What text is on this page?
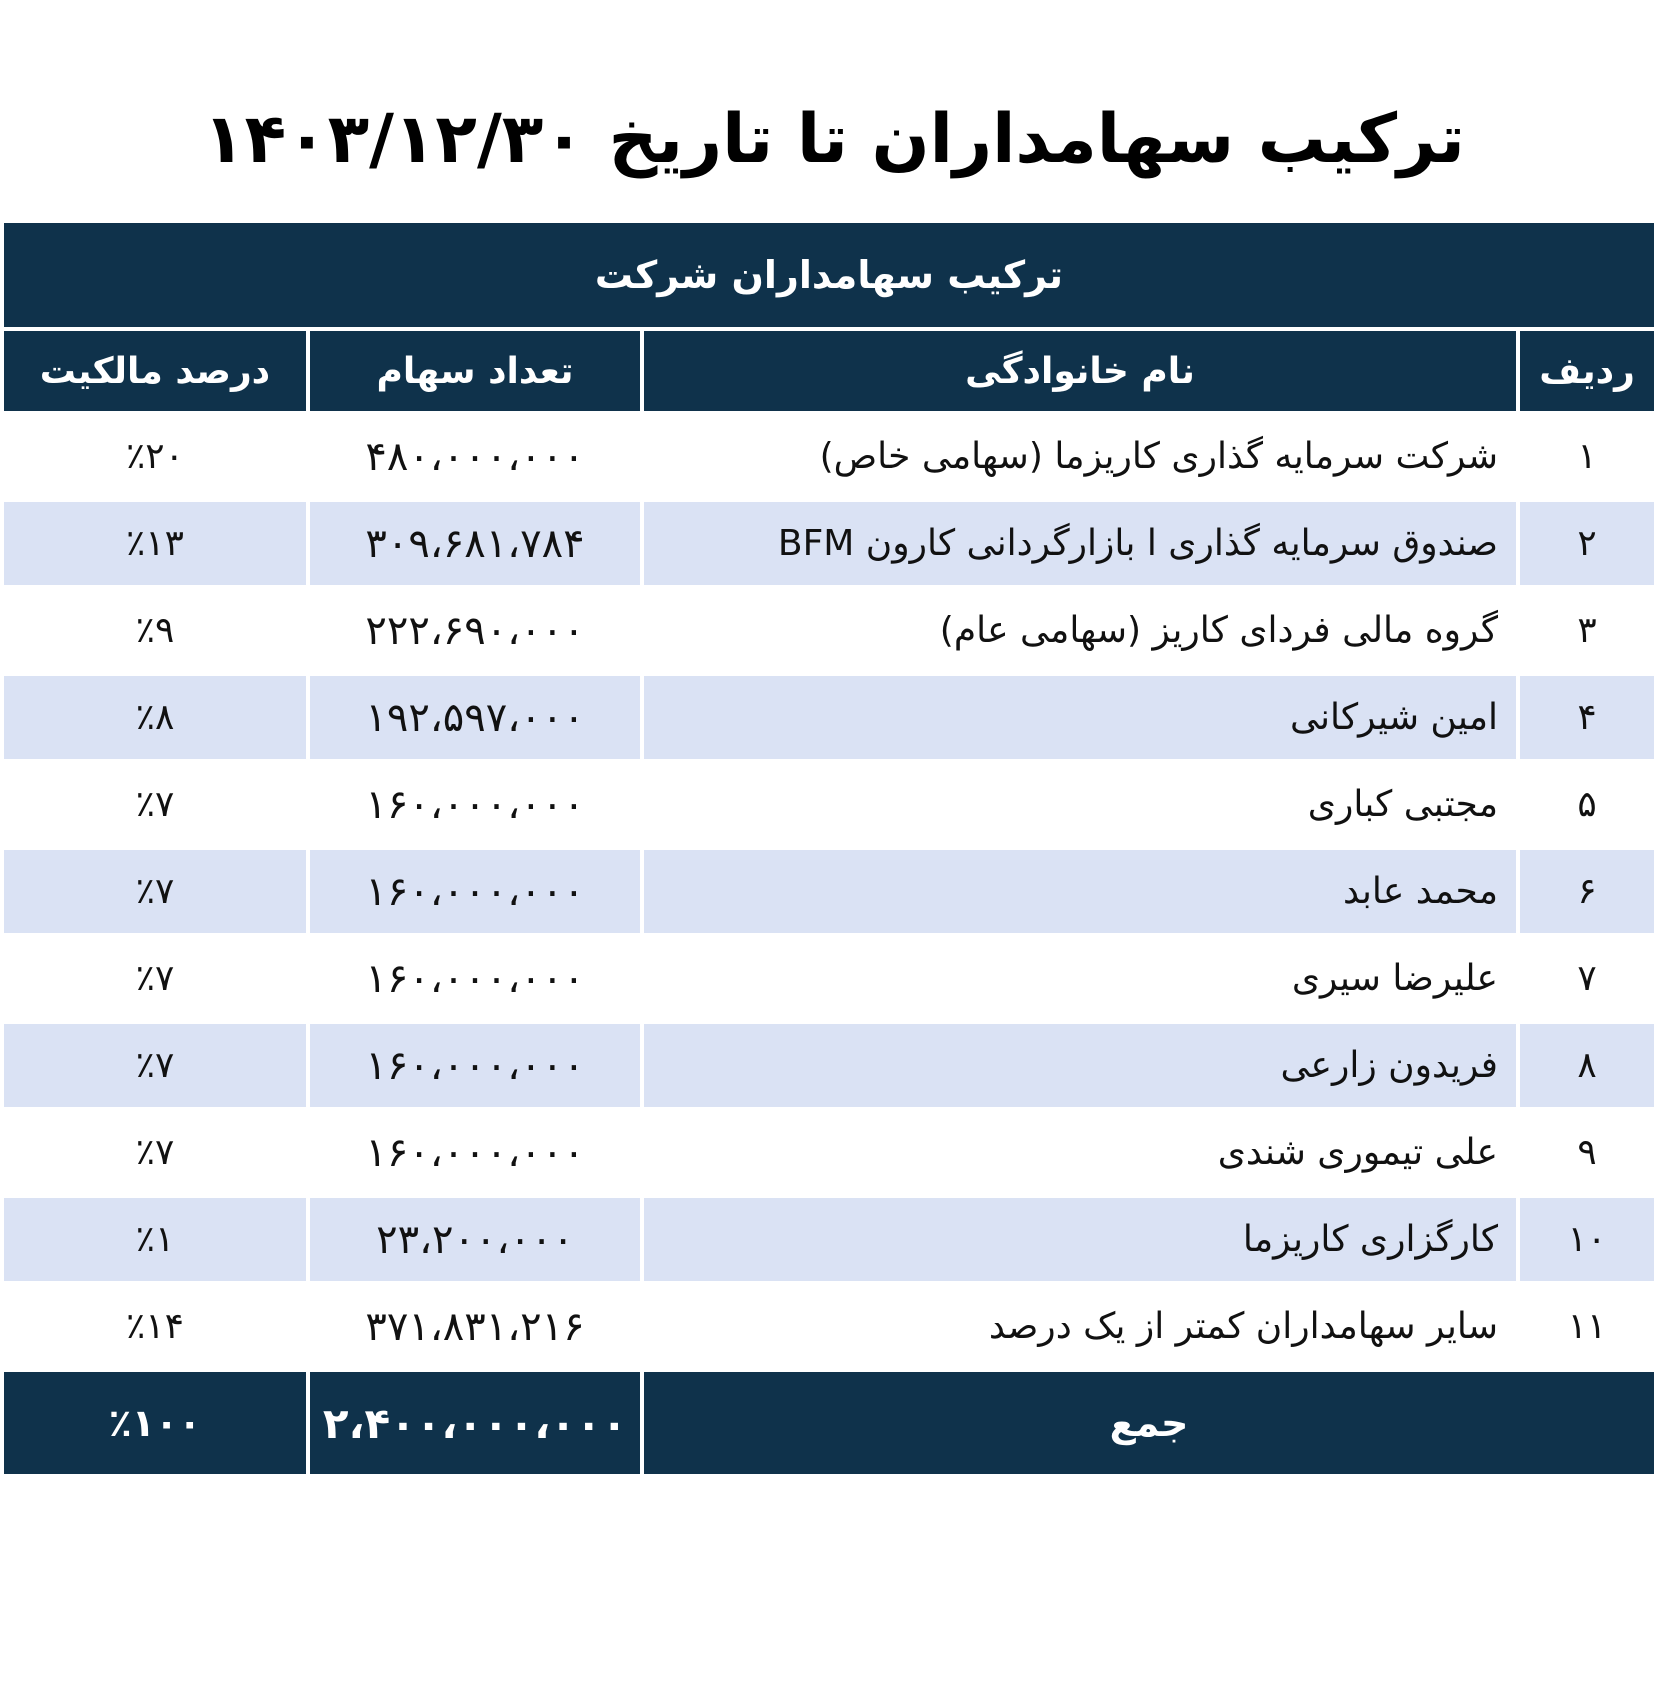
ترکیب سهامداران تا تاریخ ۱۴۰۳/۱۲/۳۰
ترکیب سهامداران شرکت			
ردیف	نام خانوادگی	تعداد سهام	درصد مالکیت
۱	شرکت سرمایه گذاری کاریزما (سهامی خاص)	۴۸۰،۰۰۰،۰۰۰	٪۲۰
۲	صندوق سرمایه گذاری ا بازارگردانی کارون BFM	۳۰۹،۶۸۱،۷۸۴	٪۱۳
۳	گروه مالی فردای کاریز (سهامی عام)	۲۲۲،۶۹۰،۰۰۰	٪۹
۴	امین شیرکانی	۱۹۲،۵۹۷،۰۰۰	٪۸
۵	مجتبی کباری	۱۶۰،۰۰۰،۰۰۰	٪۷
۶	محمد عابد	۱۶۰،۰۰۰،۰۰۰	٪۷
۷	علیرضا سیری	۱۶۰،۰۰۰،۰۰۰	٪۷
۸	فریدون زارعی	۱۶۰،۰۰۰،۰۰۰	٪۷
۹	علی تیموری شندی	۱۶۰،۰۰۰،۰۰۰	٪۷
۱۰	کارگزاری کاریزما	۲۳،۲۰۰،۰۰۰	٪۱
۱۱	سایر سهامداران کمتر از یک درصد	۳۷۱،۸۳۱،۲۱۶	٪۱۴
جمع		۲،۴۰۰،۰۰۰،۰۰۰	٪۱۰۰
